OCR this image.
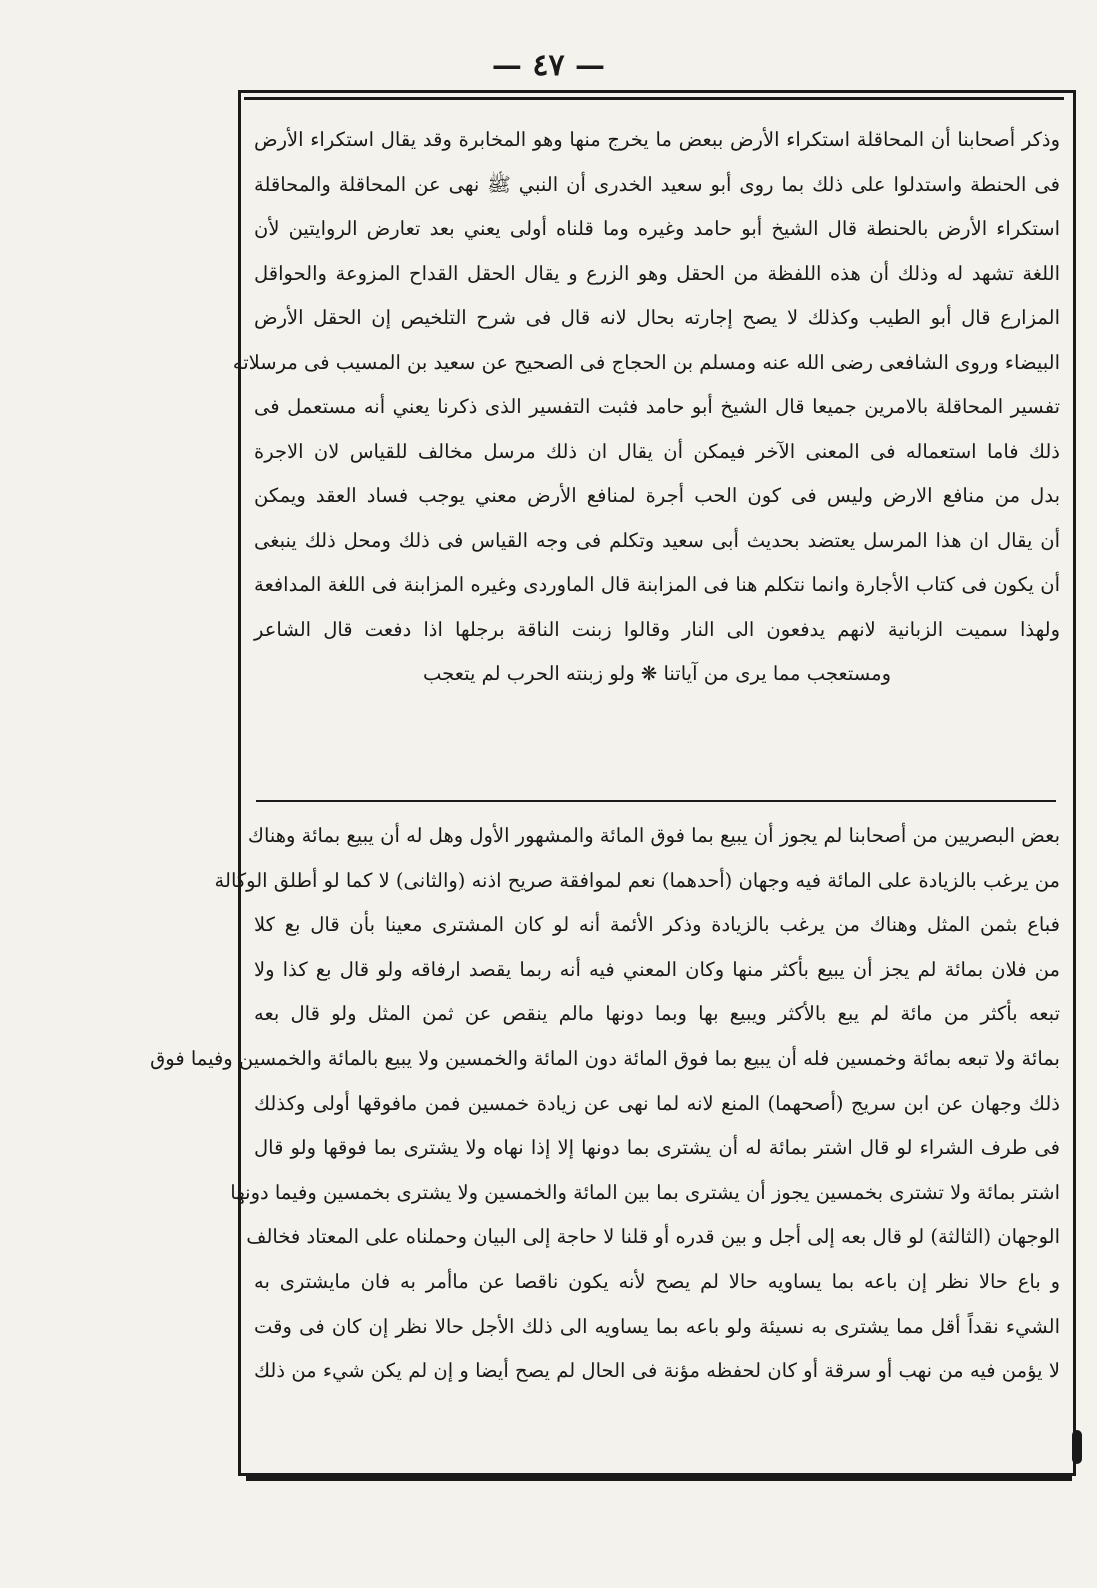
— ٤٧ —
وذكر أصحابنا أن المحاقلة استكراء الأرض ببعض ما يخرج منها وهو المخابرة وقد يقال استكراء الأرض
فى الحنطة واستدلوا على ذلك بما روى أبو سعيد الخدرى أن النبي ﷺ نهى عن المحاقلة والمحاقلة
استكراء الأرض بالحنطة قال الشيخ أبو حامد وغيره وما قلناه أولى يعني بعد تعارض الروايتين لأن
اللغة تشهد له وذلك أن هذه اللفظة من الحقل وهو الزرع و يقال الحقل القداح المزوعة والحواقل
المزارع قال أبو الطيب وكذلك لا يصح إجارته بحال لانه قال فى شرح التلخيص إن الحقل الأرض
البيضاء وروى الشافعى رضى الله عنه ومسلم بن الحجاج فى الصحيح عن سعيد بن المسيب فى مرسلاته
تفسير المحاقلة بالامرين جميعا قال الشيخ أبو حامد فثبت التفسير الذى ذكرنا يعني أنه مستعمل فى
ذلك فاما استعماله فى المعنى الآخر فيمكن أن يقال ان ذلك مرسل مخالف للقياس لان الاجرة
بدل من منافع الارض وليس فى كون الحب أجرة لمنافع الأرض معني يوجب فساد العقد ويمكن
أن يقال ان هذا المرسل يعتضد بحديث أبى سعيد وتكلم فى وجه القياس فى ذلك ومحل ذلك ينبغى
أن يكون فى كتاب الأجارة وانما نتكلم هنا فى المزابنة قال الماوردى وغيره المزابنة فى اللغة المدافعة
ولهذا سميت الزبانية لانهم يدفعون الى النار وقالوا زبنت الناقة برجلها اذا دفعت قال الشاعر
ومستعجب مما يرى من آياتنا ❋ ولو زبنته الحرب لم يتعجب
بعض البصريين من أصحابنا لم يجوز أن يبيع بما فوق المائة والمشهور الأول وهل له أن يبيع بمائة وهناك
من يرغب بالزيادة على المائة فيه وجهان (أحدهما) نعم لموافقة صريح اذنه (والثانى) لا كما لو أطلق الوكالة
فباع بثمن المثل وهناك من يرغب بالزيادة وذكر الأئمة أنه لو كان المشترى معينا بأن قال بع كلا
من فلان بمائة لم يجز أن يبيع بأكثر منها وكان المعني فيه أنه ربما يقصد ارفاقه ولو قال بع كذا ولا
تبعه بأكثر من مائة لم يبع بالأكثر ويبيع بها وبما دونها مالم ينقص عن ثمن المثل ولو قال بعه
بمائة ولا تبعه بمائة وخمسين فله أن يبيع بما فوق المائة دون المائة والخمسين ولا يبيع بالمائة والخمسين وفيما فوق
ذلك وجهان عن ابن سريج (أصحهما) المنع لانه لما نهى عن زيادة خمسين فمن مافوقها أولى وكذلك
فى طرف الشراء لو قال اشتر بمائة له أن يشترى بما دونها إلا إذا نهاه ولا يشترى بما فوقها ولو قال
اشتر بمائة ولا تشترى بخمسين يجوز أن يشترى بما بين المائة والخمسين ولا يشترى بخمسين وفيما دونها
الوجهان (الثالثة) لو قال بعه إلى أجل و بين قدره أو قلنا لا حاجة إلى البيان وحملناه على المعتاد فخالف
و باع حالا نظر إن باعه بما يساويه حالا لم يصح لأنه يكون ناقصا عن ماأمر به فان مايشترى به
الشيء نقداً أقل مما يشترى به نسيئة ولو باعه بما يساويه الى ذلك الأجل حالا نظر إن كان فى وقت
لا يؤمن فيه من نهب أو سرقة أو كان لحفظه مؤنة فى الحال لم يصح أيضا و إن لم يكن شيء من ذلك
